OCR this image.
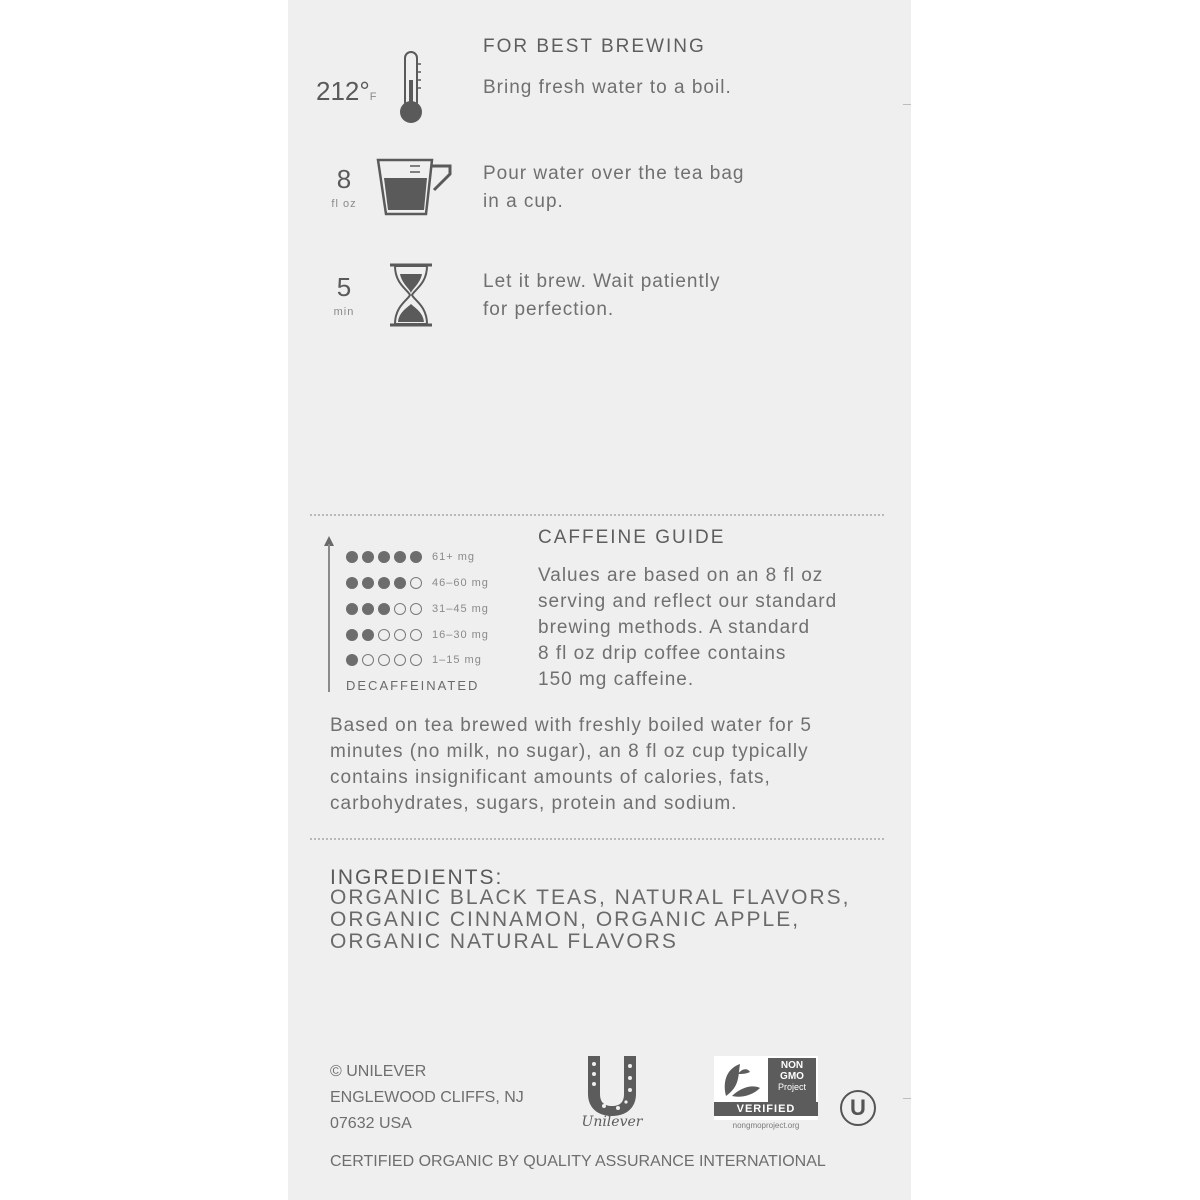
FOR BEST BREWING
212°F	Bring fresh water to a boil.
8
fl oz
Pour water over the tea bag
in a cup.
5
min
Let it brew. Wait patiently
for perfection.
61+ mg
46–60 mg
31–45 mg
16–30 mg
1–15 mg
DECAFFEINATED
CAFFEINE GUIDE
Values are based on an 8 fl oz
serving and reflect our standard
brewing methods. A standard
8 fl oz drip coffee contains
150 mg caffeine.
Based on tea brewed with freshly boiled water for 5
minutes (no milk, no sugar), an 8 fl oz cup typically
contains insignificant amounts of calories, fats,
carbohydrates, sugars, protein and sodium.
INGREDIENTS:
ORGANIC BLACK TEAS, NATURAL FLAVORS,
ORGANIC CINNAMON, ORGANIC APPLE,
ORGANIC NATURAL FLAVORS
© UNILEVER
ENGLEWOOD CLIFFS, NJ
07632 USA	Unilever
NON
GMO
Project
VERIFIED
nongmoproject.org
U
CERTIFIED ORGANIC BY QUALITY ASSURANCE INTERNATIONAL
